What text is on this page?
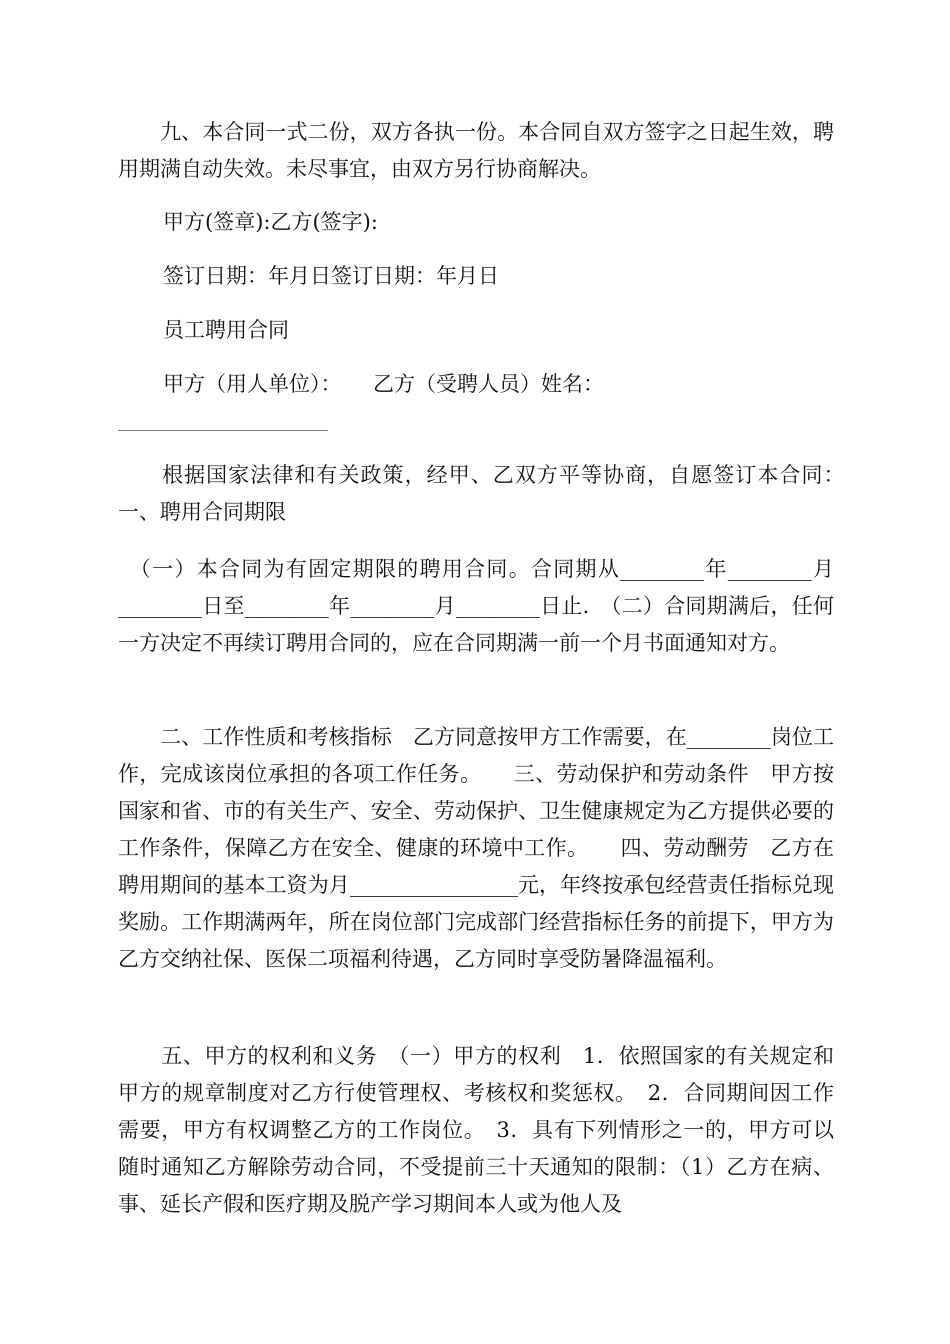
　　九、本合同一式二份，双方各执一份。本合同自双方签字之日起生效，聘用期满自动失效。未尽事宜，由双方另行协商解决。

甲方(签章):乙方(签字):

签订日期：年月日签订日期：年月日

员工聘用合同

甲方（用人单位）：　　乙方（受聘人员）姓名：

　　根据国家法律和有关政策，经甲、乙双方平等协商，自愿签订本合同：　一、聘用合同期限

　（一）本合同为有固定期限的聘用合同。合同期从________年________月________日至________年________月________日止.　（二）合同期满后，任何一方决定不再续订聘用合同的，应在合同期满一前一个月书面通知对方。

　　二、工作性质和考核指标　乙方同意按甲方工作需要，在________岗位工作，完成该岗位承担的各项工作任务。　　三、劳动保护和劳动条件　甲方按国家和省、市的有关生产、安全、劳动保护、卫生健康规定为乙方提供必要的工作条件，保障乙方在安全、健康的环境中工作。　　四、劳动酬劳　乙方在聘用期间的基本工资为月________________元，年终按承包经营责任指标兑现奖励。工作期满两年，所在岗位部门完成部门经营指标任务的前提下，甲方为乙方交纳社保、医保二项福利待遇，乙方同时享受防暑降温福利。

　　五、甲方的权利和义务　（一）甲方的权利　1．依照国家的有关规定和甲方的规章制度对乙方行使管理权、考核权和奖惩权。　2．合同期间因工作需要，甲方有权调整乙方的工作岗位。　3．具有下列情形之一的，甲方可以随时通知乙方解除劳动合同，不受提前三十天通知的限制：（1）乙方在病、事、延长产假和医疗期及脱产学习期间本人或为他人及
